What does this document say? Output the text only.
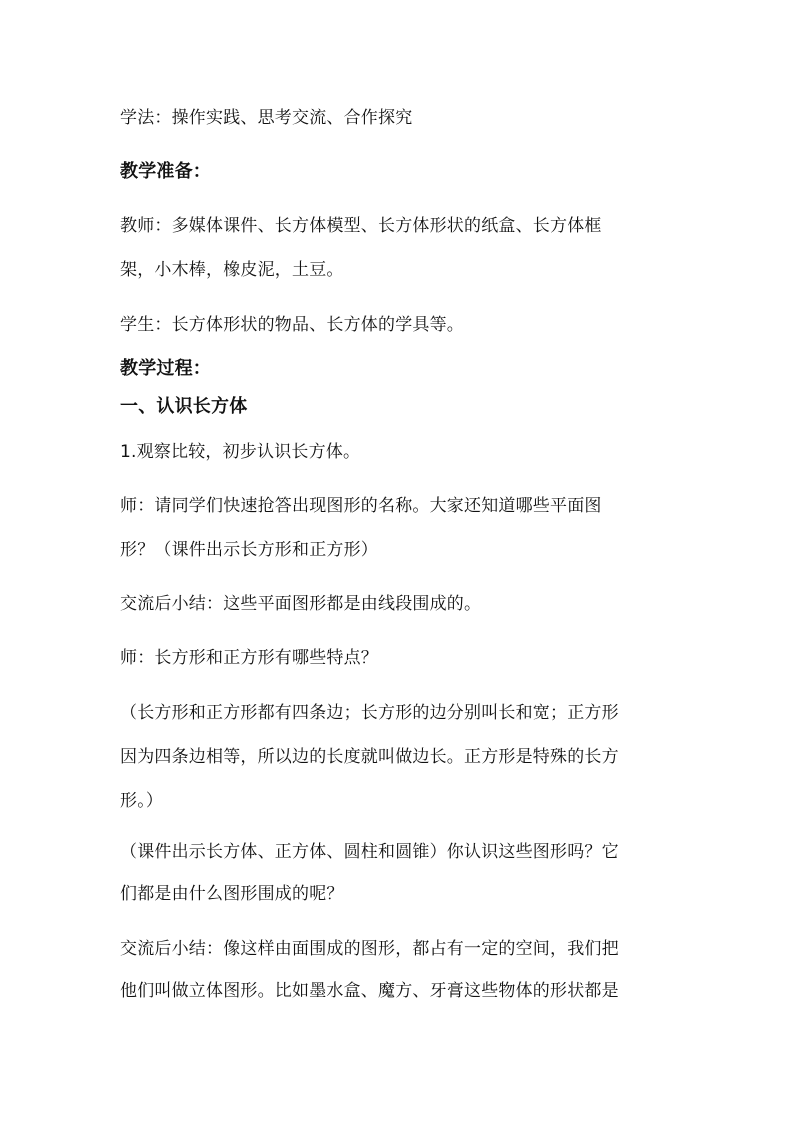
学法：操作实践、思考交流、合作探究
教学准备：
教师：多媒体课件、长方体模型、长方体形状的纸盒、长方体框
架，小木棒，橡皮泥，土豆。
学生：长方体形状的物品、长方体的学具等。
教学过程：
一、认识长方体
1.观察比较，初步认识长方体。
师：请同学们快速抢答出现图形的名称。大家还知道哪些平面图
形？（课件出示长方形和正方形）
交流后小结：这些平面图形都是由线段围成的。
师：长方形和正方形有哪些特点？
（长方形和正方形都有四条边；长方形的边分别叫长和宽；正方形
因为四条边相等，所以边的长度就叫做边长。正方形是特殊的长方
形。）
（课件出示长方体、正方体、圆柱和圆锥）你认识这些图形吗？它
们都是由什么图形围成的呢？
交流后小结：像这样由面围成的图形，都占有一定的空间，我们把
他们叫做立体图形。比如墨水盒、魔方、牙膏这些物体的形状都是
